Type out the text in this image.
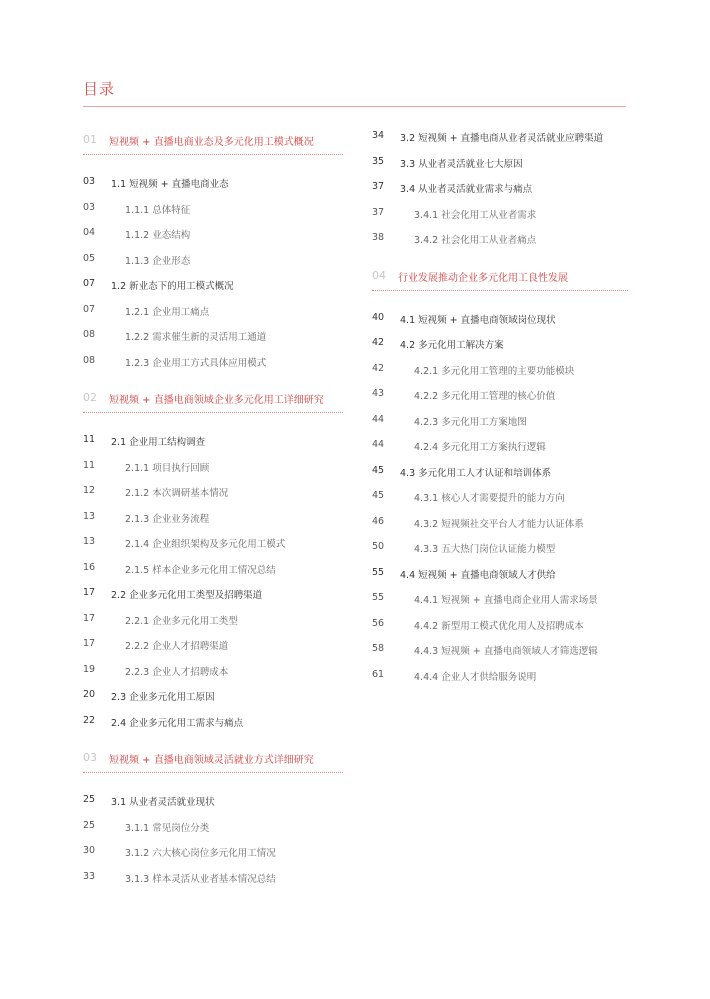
目录
01 短视频 + 直播电商业态及多元化用工模式概况
03	1.1 短视频 + 直播电商业态
03	1.1.1 总体特征
04	1.1.2 业态结构
05	1.1.3 企业形态
07	1.2 新业态下的用工模式概况
07	1.2.1 企业用工痛点
08	1.2.2 需求催生新的灵活用工通道
08	1.2.3 企业用工方式具体应用模式
02 短视频 + 直播电商领域企业多元化用工详细研究
11	2.1 企业用工结构调查
11	2.1.1 项目执行回顾
12	2.1.2 本次调研基本情况
13	2.1.3 企业业务流程
13	2.1.4 企业组织架构及多元化用工模式
16	2.1.5 样本企业多元化用工情况总结
17	2.2 企业多元化用工类型及招聘渠道
17	2.2.1 企业多元化用工类型
17	2.2.2 企业人才招聘渠道
19	2.2.3 企业人才招聘成本
20	2.3 企业多元化用工原因
22	2.4 企业多元化用工需求与痛点
03 短视频 + 直播电商领域灵活就业方式详细研究
25	3.1 从业者灵活就业现状
25	3.1.1 常见岗位分类
30	3.1.2 六大核心岗位多元化用工情况
33	3.1.3 样本灵活从业者基本情况总结
34	3.2 短视频 + 直播电商从业者灵活就业应聘渠道
35	3.3 从业者灵活就业七大原因
37	3.4 从业者灵活就业需求与痛点
37	3.4.1 社会化用工从业者需求
38	3.4.2 社会化用工从业者痛点
04 行业发展推动企业多元化用工良性发展
40	4.1 短视频 + 直播电商领域岗位现状
42	4.2 多元化用工解决方案
42	4.2.1 多元化用工管理的主要功能模块
43	4.2.2 多元化用工管理的核心价值
44	4.2.3 多元化用工方案地图
44	4.2.4 多元化用工方案执行逻辑
45	4.3 多元化用工人才认证和培训体系
45	4.3.1 核心人才需要提升的能力方向
46	4.3.2 短视频社交平台人才能力认证体系
50	4.3.3 五大热门岗位认证能力模型
55	4.4 短视频 + 直播电商领域人才供给
55	4.4.1 短视频 + 直播电商企业用人需求场景
56	4.4.2 新型用工模式优化用人及招聘成本
58	4.4.3 短视频 + 直播电商领域人才筛选逻辑
61	4.4.4 企业人才供给服务说明
